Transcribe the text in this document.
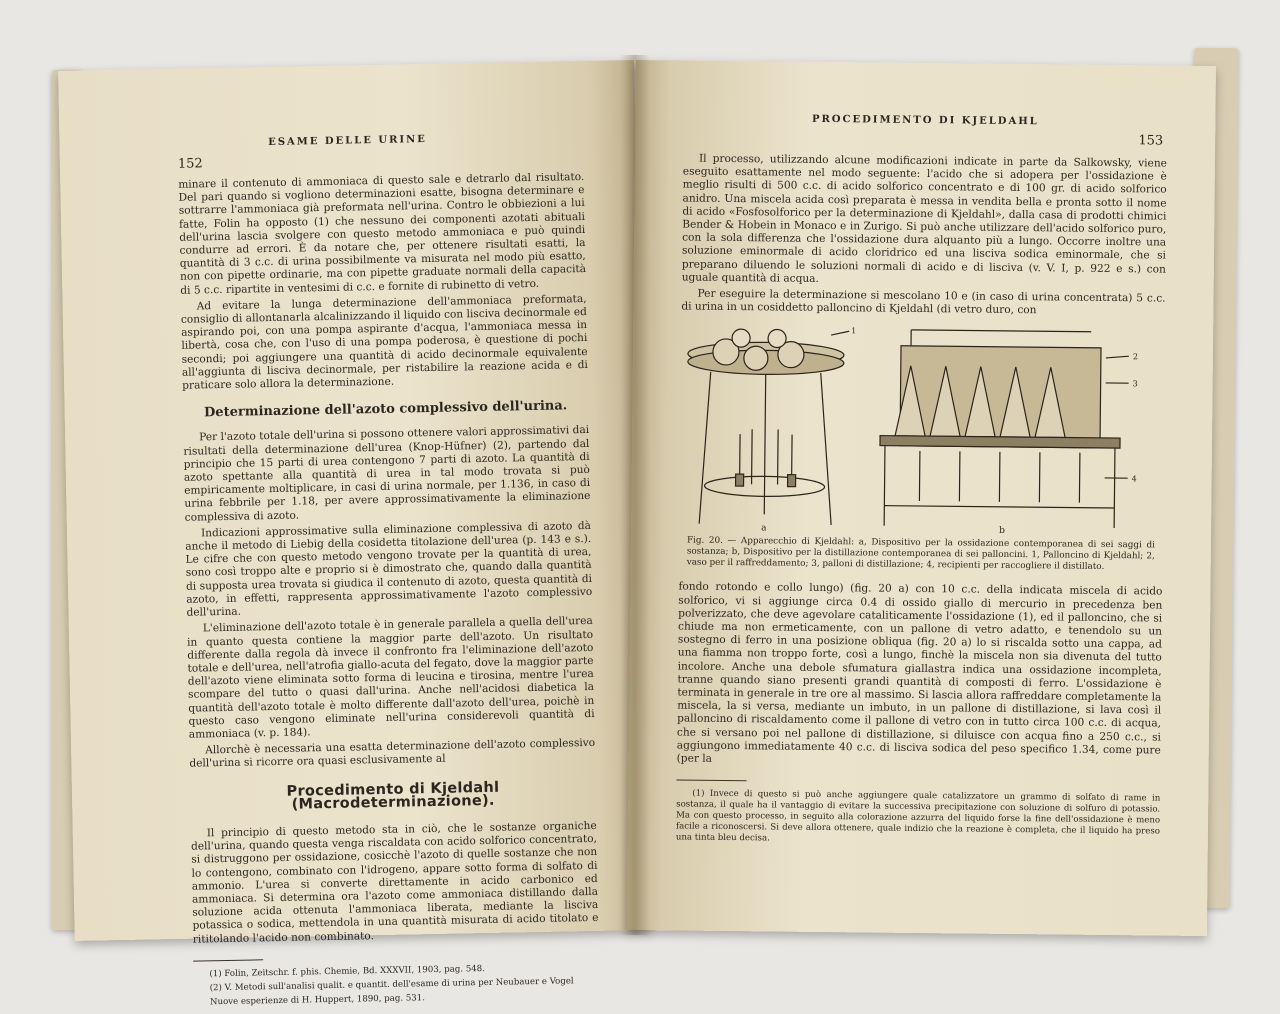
ESAME DELLE URINE
152

minare il contenuto di ammoniaca di questo sale e detrarlo dal risultato. Del pari quando si vogliono determinazioni esatte, bisogna determinare e sottrarre l'ammoniaca già preformata nell'urina. Contro le obbiezioni a lui fatte, Folin ha opposto (1) che nessuno dei componenti azotati abituali dell'urina lascia svolgere con questo metodo ammoniaca e può quindi condurre ad errori. È da notare che, per ottenere risultati esatti, la quantità di 3 c.c. di urina possibilmente va misurata nel modo più esatto, non con pipette ordinarie, ma con pipette graduate normali della capacità di 5 c.c. ripartite in ventesimi di c.c. e fornite di rubinetto di vetro.

Ad evitare la lunga determinazione dell'ammoniaca preformata, consiglio di allontanarla alcalinizzando il liquido con lisciva decinormale ed aspirando poi, con una pompa aspirante d'acqua, l'ammoniaca messa in libertà, cosa che, con l'uso di una pompa poderosa, è questione di pochi secondi; poi aggiungere una quantità di acido decinormale equivalente all'aggiunta di lisciva decinormale, per ristabilire la reazione acida e di praticare solo allora la determinazione.

Determinazione dell'azoto complessivo dell'urina.

Per l'azoto totale dell'urina si possono ottenere valori approssimativi dai risultati della determinazione dell'urea (Knop-Hüfner) (2), partendo dal principio che 15 parti di urea contengono 7 parti di azoto. La quantità di azoto spettante alla quantità di urea in tal modo trovata si può empiricamente moltiplicare, in casi di urina normale, per 1.136, in caso di urina febbrile per 1.18, per avere approssimativamente la eliminazione complessiva di azoto.

Indicazioni approssimative sulla eliminazione complessiva di azoto dà anche il metodo di Liebig della cosidetta titolazione dell'urea (p. 143 e s.). Le cifre che con questo metodo vengono trovate per la quantità di urea, sono così troppo alte e proprio si è dimostrato che, quando dalla quantità di supposta urea trovata si giudica il contenuto di azoto, questa quantità di azoto, in effetti, rappresenta approssimativamente l'azoto complessivo dell'urina.

L'eliminazione dell'azoto totale è in generale parallela a quella dell'urea in quanto questa contiene la maggior parte dell'azoto. Un risultato differente dalla regola dà invece il confronto fra l'eliminazione dell'azoto totale e dell'urea, nell'atrofia giallo-acuta del fegato, dove la maggior parte dell'azoto viene eliminata sotto forma di leucina e tirosina, mentre l'urea scompare del tutto o quasi dall'urina. Anche nell'acidosi diabetica la quantità dell'azoto totale è molto differente dall'azoto dell'urea, poichè in questo caso vengono eliminate nell'urina considerevoli quantità di ammoniaca (v. p. 184).

Allorchè è necessaria una esatta determinazione dell'azoto complessivo dell'urina si ricorre ora quasi esclusivamente al

Procedimento di Kjeldahl (Macrodeterminazione).

Il principio di questo metodo sta in ciò, che le sostanze organiche dell'urina, quando questa venga riscaldata con acido solforico concentrato, si distruggono per ossidazione, cosicchè l'azoto di quelle sostanze che non lo contengono, combinato con l'idrogeno, appare sotto forma di solfato di ammonio. L'urea si converte direttamente in acido carbonico ed ammoniaca. Si determina ora l'azoto come ammoniaca distillando dalla soluzione acida ottenuta l'ammoniaca liberata, mediante la lisciva potassica o sodica, mettendola in una quantità misurata di acido titolato e rititolando l'acido non combinato.

(1) Folin, Zeitschr. f. phis. Chemie, Bd. XXXVII, 1903, pag. 548.

(2) V. Metodi sull'analisi qualit. e quantit. dell'esame di urina per Neubauer e Vogel

Nuove esperienze di H. Huppert, 1890, pag. 531.

PROCEDIMENTO DI KJELDAHL
153

Il processo, utilizzando alcune modificazioni indicate in parte da Salkowsky, viene eseguito esattamente nel modo seguente: l'acido che si adopera per l'ossidazione è meglio risulti di 500 c.c. di acido solforico concentrato e di 100 gr. di acido solforico anidro. Una miscela acida così preparata è messa in vendita bella e pronta sotto il nome di acido «Fosfosolforico per la determinazione di Kjeldahl», dalla casa di prodotti chimici Bender & Hobein in Monaco e in Zurigo. Si può anche utilizzare dell'acido solforico puro, con la sola differenza che l'ossidazione dura alquanto più a lungo. Occorre inoltre una soluzione eminormale di acido cloridrico ed una lisciva sodica eminormale, che si preparano diluendo le soluzioni normali di acido e di lisciva (v. V. I, p. 922 e s.) con uguale quantità di acqua.

Per eseguire la determinazione si mescolano 10 e (in caso di urina concentrata) 5 c.c. di urina in un cosiddetto palloncino di Kjeldahl (di vetro duro, con

a
1
b
2
3
4
Fig. 20. — Apparecchio di Kjeldahl: a, Dispositivo per la ossidazione contemporanea di sei saggi di sostanza; b, Dispositivo per la distillazione contemporanea di sei palloncini. 1, Palloncino di Kjeldahl; 2, vaso per il raffreddamento; 3, palloni di distillazione; 4, recipienti per raccogliere il distillato.

fondo rotondo e collo lungo) (fig. 20 a) con 10 c.c. della indicata miscela di acido solforico, vi si aggiunge circa 0.4 di ossido giallo di mercurio in precedenza ben polverizzato, che deve agevolare cataliticamente l'ossidazione (1), ed il palloncino, che si chiude ma non ermeticamente, con un pallone di vetro adatto, e tenendolo su un sostegno di ferro in una posizione obliqua (fig. 20 a) lo si riscalda sotto una cappa, ad una fiamma non troppo forte, così a lungo, finchè la miscela non sia divenuta del tutto incolore. Anche una debole sfumatura giallastra indica una ossidazione incompleta, tranne quando siano presenti grandi quantità di composti di ferro. L'ossidazione è terminata in generale in tre ore al massimo. Si lascia allora raffreddare completamente la miscela, la si versa, mediante un imbuto, in un pallone di distillazione, si lava così il palloncino di riscaldamento come il pallone di vetro con in tutto circa 100 c.c. di acqua, che si versano poi nel pallone di distillazione, si diluisce con acqua fino a 250 c.c., si aggiungono immediatamente 40 c.c. di lisciva sodica del peso specifico 1.34, come pure (per la

(1) Invece di questo si può anche aggiungere quale catalizzatore un grammo di solfato di rame in sostanza, il quale ha il vantaggio di evitare la successiva precipitazione con soluzione di solfuro di potassio. Ma con questo processo, in seguito alla colorazione azzurra del liquido forse la fine dell'ossidazione è meno facile a riconoscersi. Si deve allora ottenere, quale indizio che la reazione è completa, che il liquido ha preso una tinta bleu decisa.
